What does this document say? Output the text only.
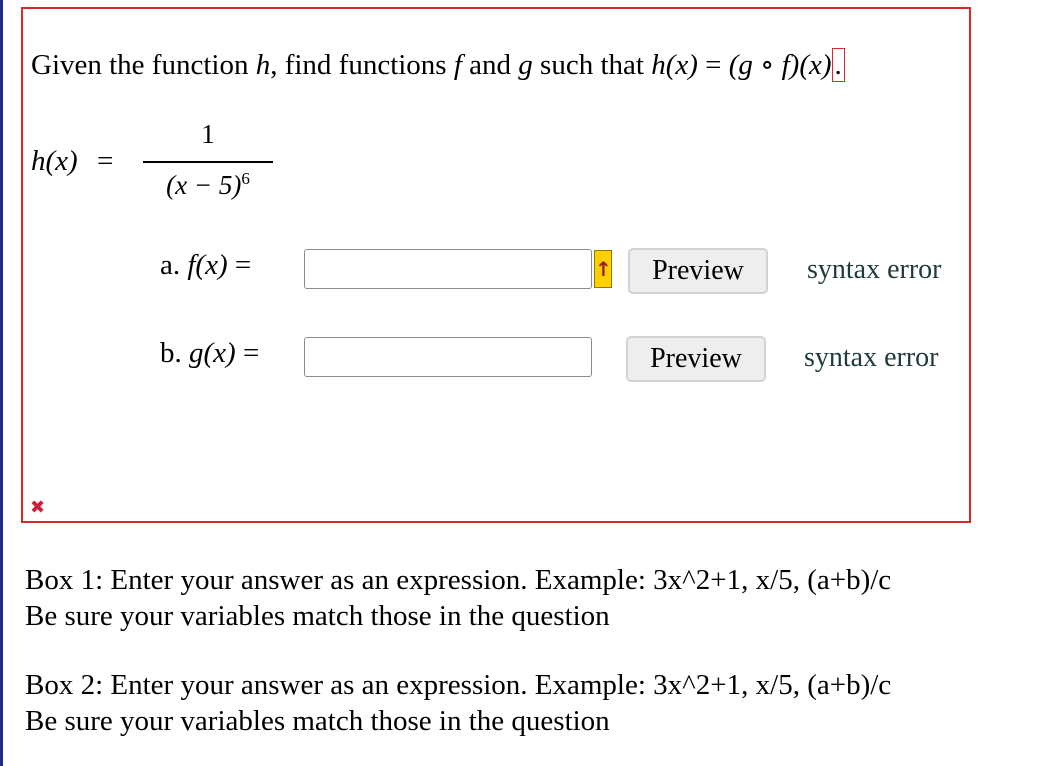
Given the function h, find functions f and g such that h(x) = (g ∘ f)(x) .
h(x) =
1
$(x - 5)^6$
a. f(x) =	↑	Preview	syntax error
b. g(x) =	Preview	syntax error
✖
Box 1: Enter your answer as an expression. Example: 3x^2+1, x/5, (a+b)/c
Be sure your variables match those in the question
Box 2: Enter your answer as an expression. Example: 3x^2+1, x/5, (a+b)/c
Be sure your variables match those in the question
